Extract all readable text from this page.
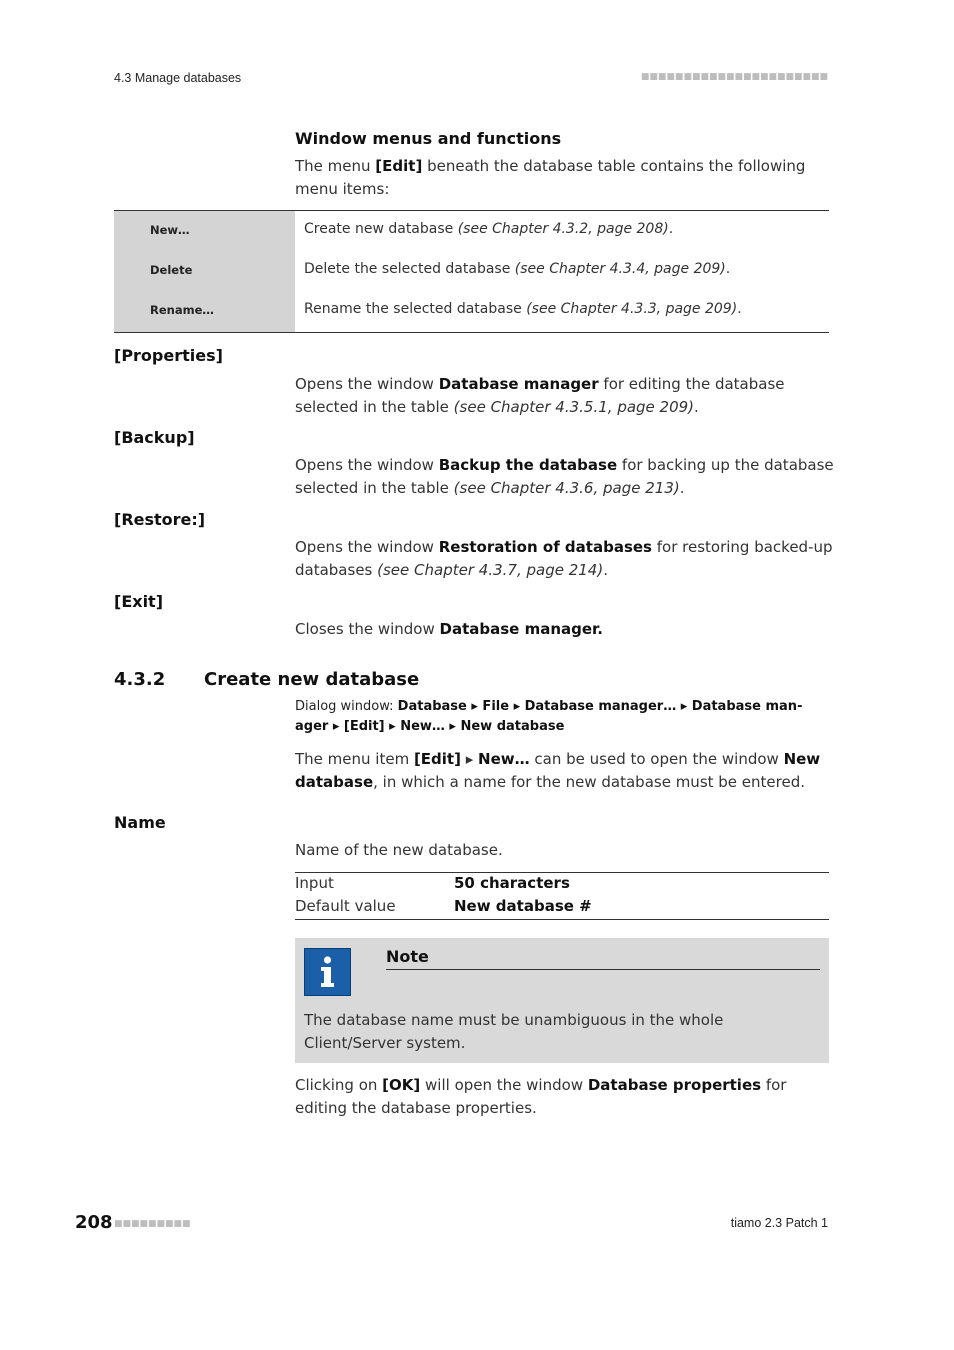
4.3 Manage databases	■■■■■■■■■■■■■■■■■■■■■■
Window menus and functions
The menu [Edit] beneath the database table contains the following menu items:
New…	Create new database (see Chapter 4.3.2, page 208).
Delete	Delete the selected database (see Chapter 4.3.4, page 209).
Rename…	Rename the selected database (see Chapter 4.3.3, page 209).
[Properties]
Opens the window Database manager for editing the database selected in the table (see Chapter 4.3.5.1, page 209).
[Backup]
Opens the window Backup the database for backing up the database selected in the table (see Chapter 4.3.6, page 213).
[Restore:]
Opens the window Restoration of databases for restoring backed-up databases (see Chapter 4.3.7, page 214).
[Exit]
Closes the window Database manager.
4.3.2 Create new database
Dialog window: Database ▸ File ▸ Database manager… ▸ Database man-
ager ▸ [Edit] ▸ New… ▸ New database
The menu item [Edit] ▸ New… can be used to open the window New database, in which a name for the new database must be entered.
Name
Name of the new database.
Input	50 characters
Default value	New database #
Note
The database name must be unambiguous in the whole Client/Server system.
Clicking on [OK] will open the window Database properties for editing the database properties.
208 ■■■■■■■■■	tiamo 2.3 Patch 1
